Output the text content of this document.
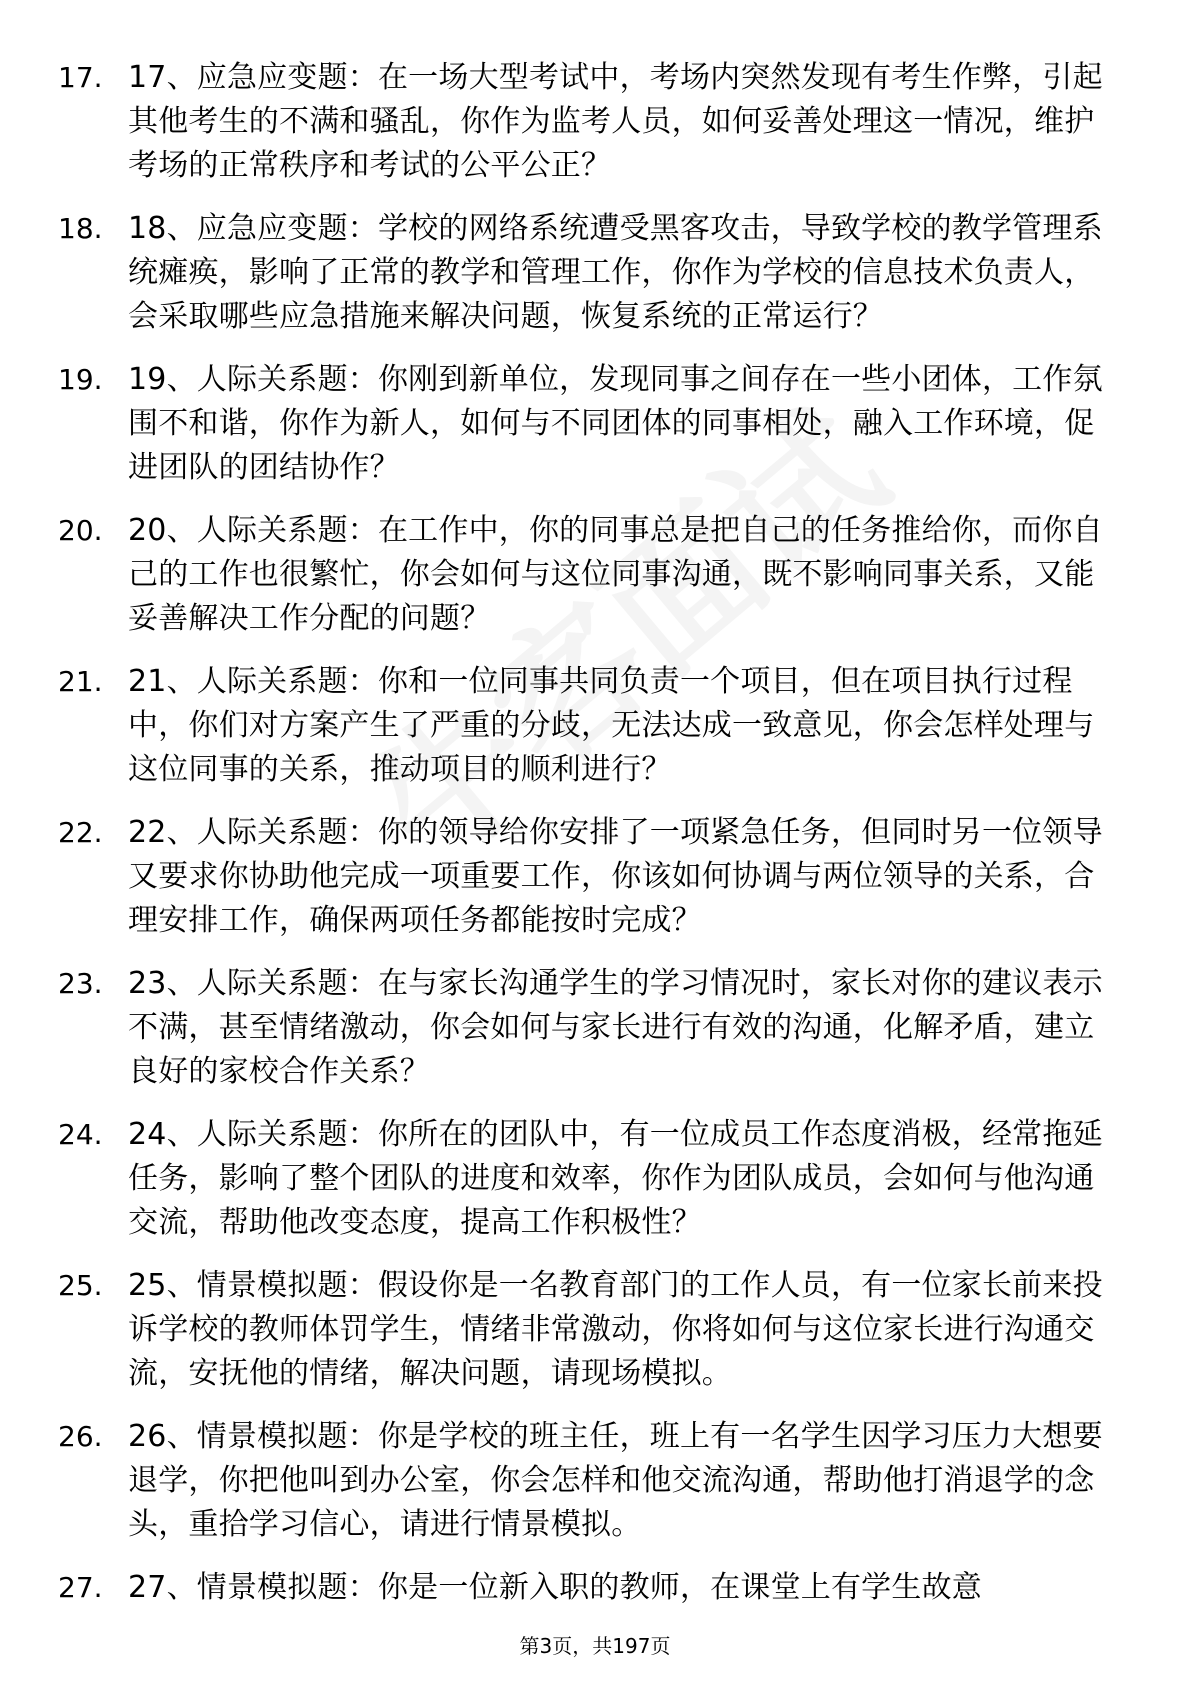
17. 17、应急应变题：在一场大型考试中，考场内突然发现有考生作弊，引起其他考生的不满和骚乱，你作为监考人员，如何妥善处理这一情况，维护考场的正常秩序和考试的公平公正？
18. 18、应急应变题：学校的网络系统遭受黑客攻击，导致学校的教学管理系统瘫痪，影响了正常的教学和管理工作，你作为学校的信息技术负责人，会采取哪些应急措施来解决问题，恢复系统的正常运行？
19. 19、人际关系题：你刚到新单位，发现同事之间存在一些小团体，工作氛围不和谐，你作为新人，如何与不同团体的同事相处，融入工作环境，促进团队的团结协作？
20. 20、人际关系题：在工作中，你的同事总是把自己的任务推给你，而你自己的工作也很繁忙，你会如何与这位同事沟通，既不影响同事关系，又能妥善解决工作分配的问题？
21. 21、人际关系题：你和一位同事共同负责一个项目，但在项目执行过程中，你们对方案产生了严重的分歧，无法达成一致意见，你会怎样处理与这位同事的关系，推动项目的顺利进行？
22. 22、人际关系题：你的领导给你安排了一项紧急任务，但同时另一位领导又要求你协助他完成一项重要工作，你该如何协调与两位领导的关系，合理安排工作，确保两项任务都能按时完成？
23. 23、人际关系题：在与家长沟通学生的学习情况时，家长对你的建议表示不满，甚至情绪激动，你会如何与家长进行有效的沟通，化解矛盾，建立良好的家校合作关系？
24. 24、人际关系题：你所在的团队中，有一位成员工作态度消极，经常拖延任务，影响了整个团队的进度和效率，你作为团队成员，会如何与他沟通交流，帮助他改变态度，提高工作积极性？
25. 25、情景模拟题：假设你是一名教育部门的工作人员，有一位家长前来投诉学校的教师体罚学生，情绪非常激动，你将如何与这位家长进行沟通交流，安抚他的情绪，解决问题，请现场模拟。
26. 26、情景模拟题：你是学校的班主任，班上有一名学生因学习压力大想要退学，你把他叫到办公室，你会怎样和他交流沟通，帮助他打消退学的念头，重拾学习信心，请进行情景模拟。
27. 27、情景模拟题：你是一位新入职的教师，在课堂上有学生故意
第3页，共197页
